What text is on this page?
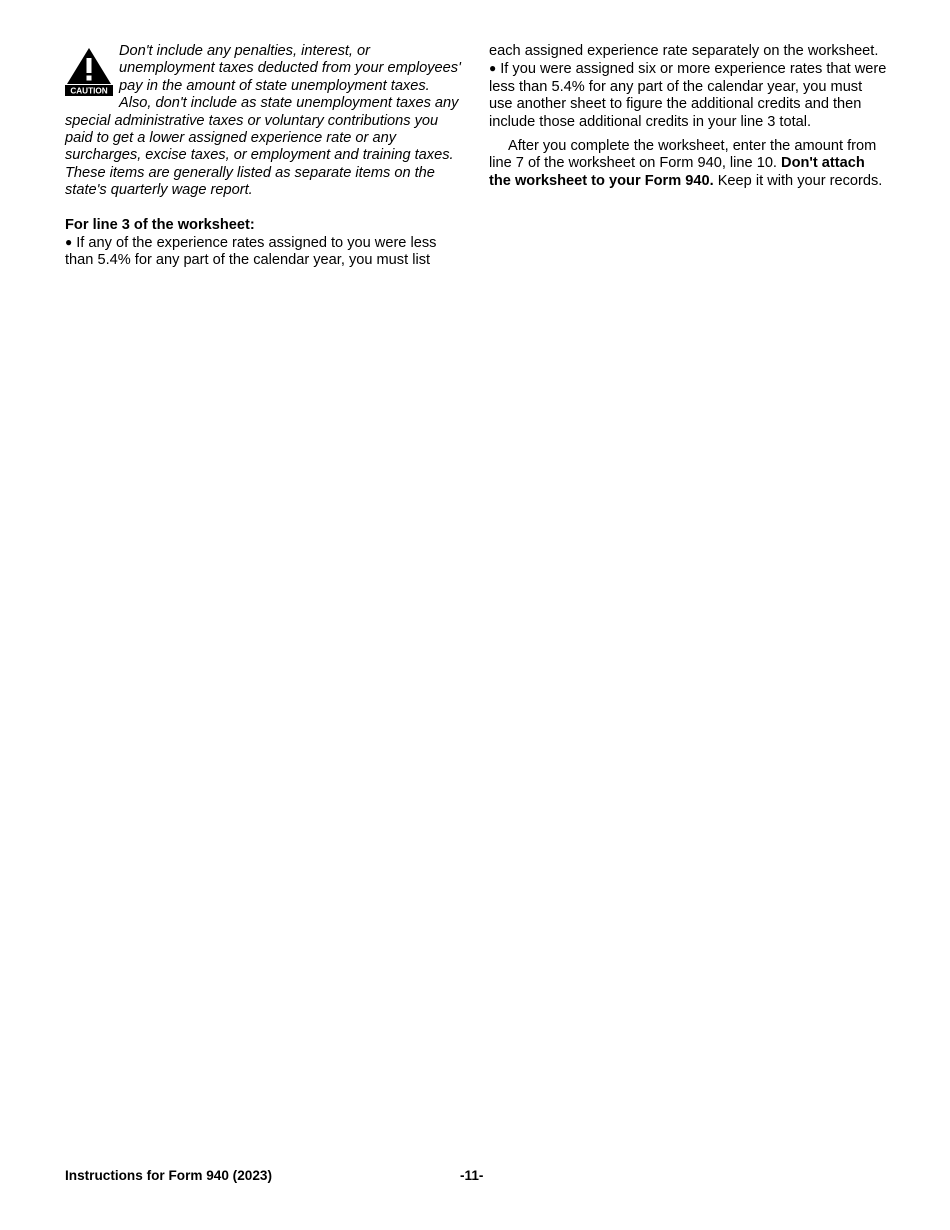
CAUTION

Don't include any penalties, interest, or unemployment taxes deducted from your employees' pay in the amount of state unemployment taxes. Also, don't include as state unemployment taxes any special administrative taxes or voluntary contributions you paid to get a lower assigned experience rate or any surcharges, excise taxes, or employment and training taxes. These items are generally listed as separate items on the state's quarterly wage report.

For line 3 of the worksheet:

● If any of the experience rates assigned to you were less than 5.4% for any part of the calendar year, you must list

each assigned experience rate separately on the worksheet.

● If you were assigned six or more experience rates that were less than 5.4% for any part of the calendar year, you must use another sheet to figure the additional credits and then include those additional credits in your line 3 total.

After you complete the worksheet, enter the amount from line 7 of the worksheet on Form 940, line 10. Don't attach the worksheet to your Form 940. Keep it with your records.

Instructions for Form 940 (2023)	-11-
